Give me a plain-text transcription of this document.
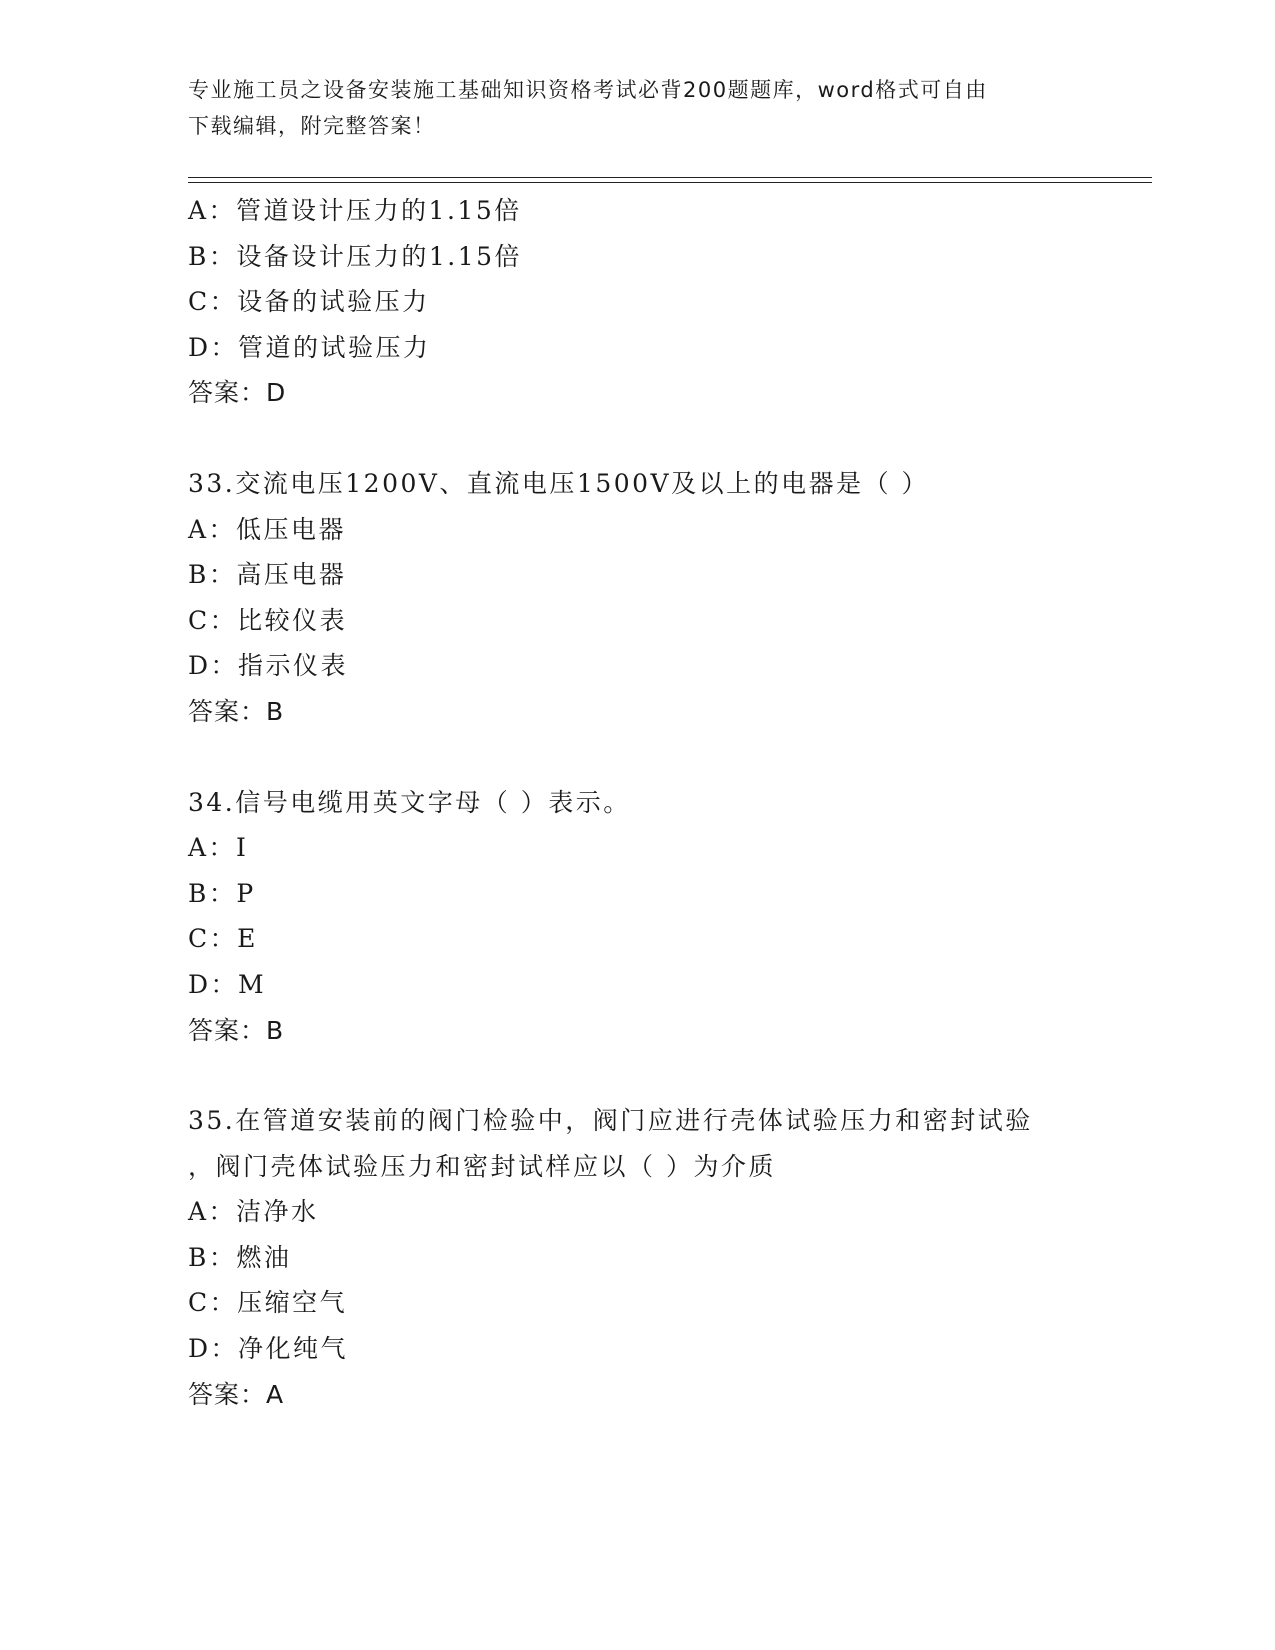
专业施工员之设备安装施工基础知识资格考试必背200题题库，word格式可自由
下载编辑，附完整答案！
A：管道设计压力的1.15倍
B：设备设计压力的1.15倍
C：设备的试验压力
D：管道的试验压力
答案：D
33.交流电压1200V、直流电压1500V及以上的电器是（ ）
A：低压电器
B：高压电器
C：比较仪表
D：指示仪表
答案：B
34.信号电缆用英文字母（ ）表示。
A：I
B：P
C：E
D：M
答案：B
35.在管道安装前的阀门检验中，阀门应进行壳体试验压力和密封试验
，阀门壳体试验压力和密封试样应以（ ）为介质
A：洁净水
B：燃油
C：压缩空气
D：净化纯气
答案：A
